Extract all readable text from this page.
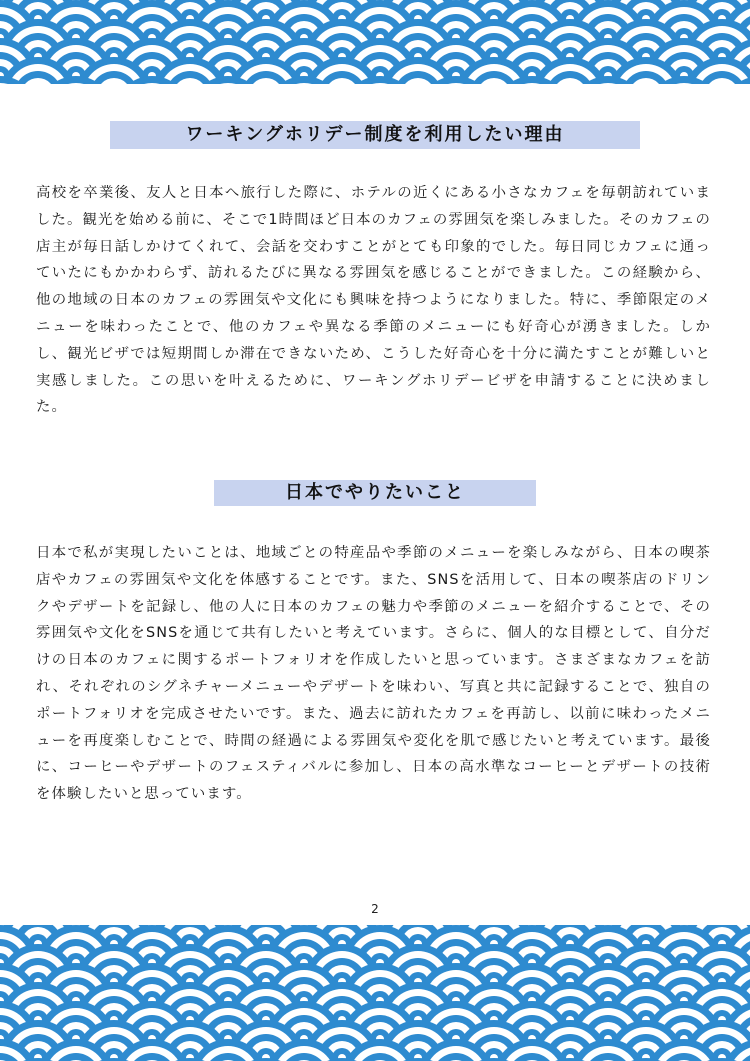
ワーキングホリデー制度を利用したい理由

高校を卒業後、友人と日本へ旅行した際に、ホテルの近くにある小さなカフェを毎朝訪れていました。観光を始める前に、そこで1時間ほど日本のカフェの雰囲気を楽しみました。そのカフェの店主が毎日話しかけてくれて、会話を交わすことがとても印象的でした。毎日同じカフェに通っていたにもかかわらず、訪れるたびに異なる雰囲気を感じることができました。この経験から、他の地域の日本のカフェの雰囲気や文化にも興味を持つようになりました。特に、季節限定のメニューを味わったことで、他のカフェや異なる季節のメニューにも好奇心が湧きました。しかし、観光ビザでは短期間しか滞在できないため、こうした好奇心を十分に満たすことが難しいと実感しました。この思いを叶えるために、ワーキングホリデービザを申請することに決めました。

日本でやりたいこと

日本で私が実現したいことは、地域ごとの特産品や季節のメニューを楽しみながら、日本の喫茶店やカフェの雰囲気や文化を体感することです。また、SNSを活用して、日本の喫茶店のドリンクやデザートを記録し、他の人に日本のカフェの魅力や季節のメニューを紹介することで、その雰囲気や文化をSNSを通じて共有したいと考えています。さらに、個人的な目標として、自分だけの日本のカフェに関するポートフォリオを作成したいと思っています。さまざまなカフェを訪れ、それぞれのシグネチャーメニューやデザートを味わい、写真と共に記録することで、独自のポートフォリオを完成させたいです。また、過去に訪れたカフェを再訪し、以前に味わったメニューを再度楽しむことで、時間の経過による雰囲気や変化を肌で感じたいと考えています。最後に、コーヒーやデザートのフェスティバルに参加し、日本の高水準なコーヒーとデザートの技術を体験したいと思っています。

2
